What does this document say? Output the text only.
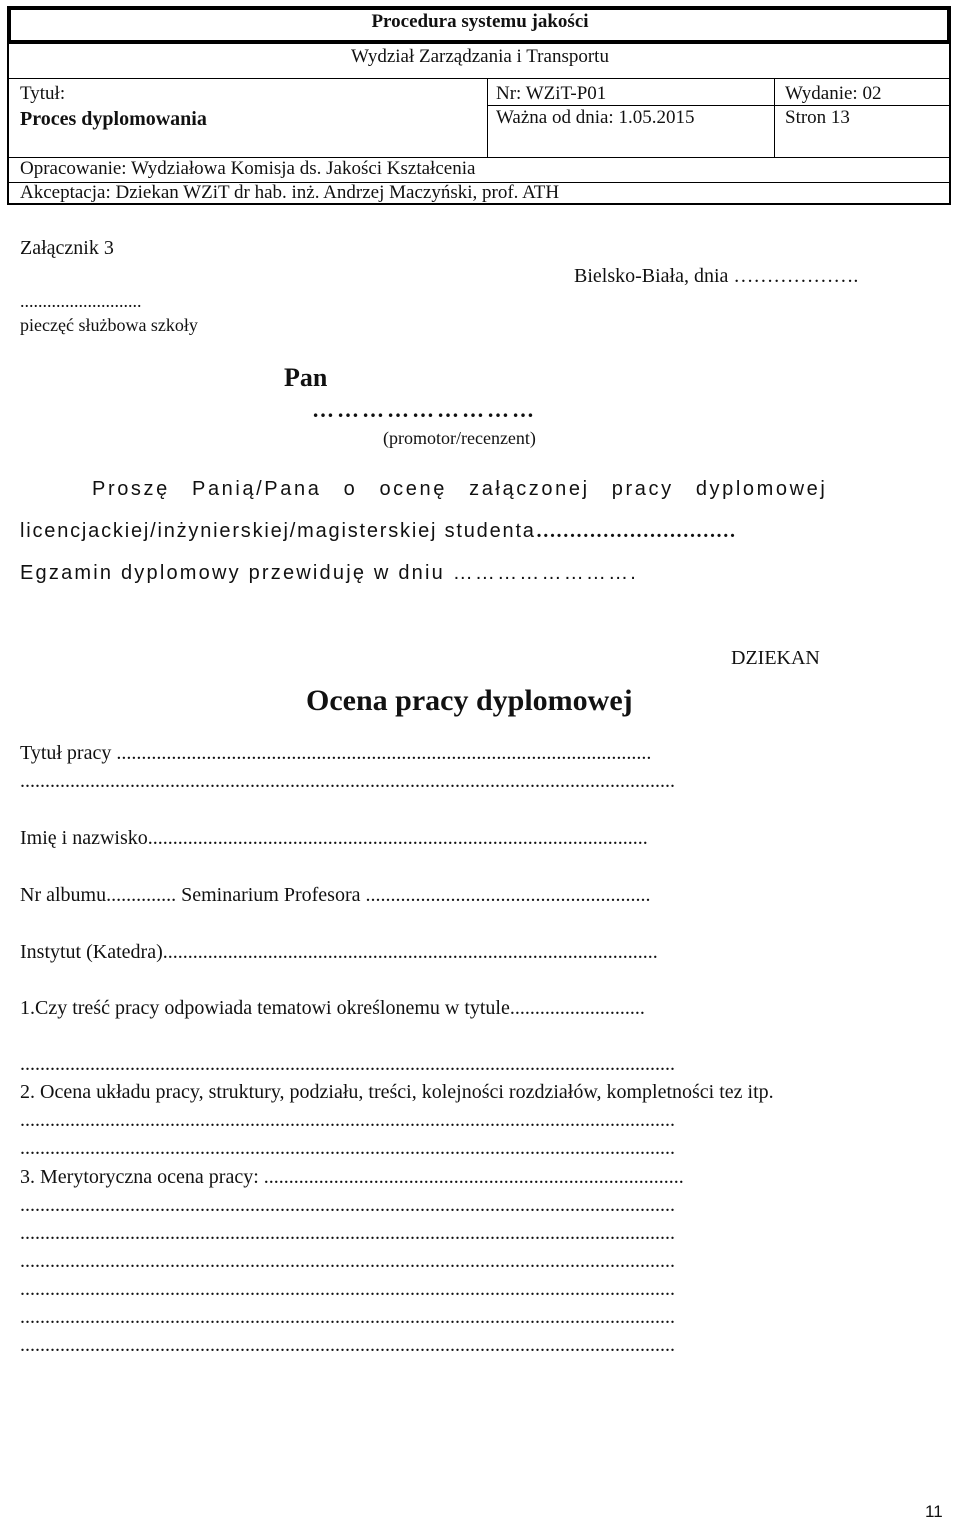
Procedura systemu jakości
Wydział Zarządzania i Transportu
Tytuł:
Proces dyplomowania
Nr: WZiT-P01
Ważna od dnia: 1.05.2015
Wydanie: 02
Stron 13
Opracowanie: Wydziałowa Komisja ds. Jakości Kształcenia
Akceptacja: Dziekan WZiT dr hab. inż. Andrzej Maczyński, prof. ATH
Załącznik 3
Bielsko-Biała, dnia ……………….
...........................
pieczęć służbowa szkoły
Pan
………………………
(promotor/recenzent)
Proszę Panią/Pana o ocenę załączonej pracy dyplomowej
licencjackiej/inżynierskiej/magisterskiej studenta…………………………
Egzamin dyplomowy przewiduję w dniu …………………….
DZIEKAN
Ocena pracy dyplomowej
Tytuł pracy ...........................................................................................................
...................................................................................................................................
Imię i nazwisko....................................................................................................
Nr albumu.............. Seminarium Profesora .........................................................
Instytut (Katedra)...................................................................................................
1.Czy treść pracy odpowiada tematowi określonemu w tytule...........................
...................................................................................................................................
2. Ocena układu pracy, struktury, podziału, treści, kolejności rozdziałów, kompletności tez itp.
...................................................................................................................................
...................................................................................................................................
3. Merytoryczna ocena pracy: ....................................................................................
...................................................................................................................................
...................................................................................................................................
...................................................................................................................................
...................................................................................................................................
...................................................................................................................................
...................................................................................................................................
11
